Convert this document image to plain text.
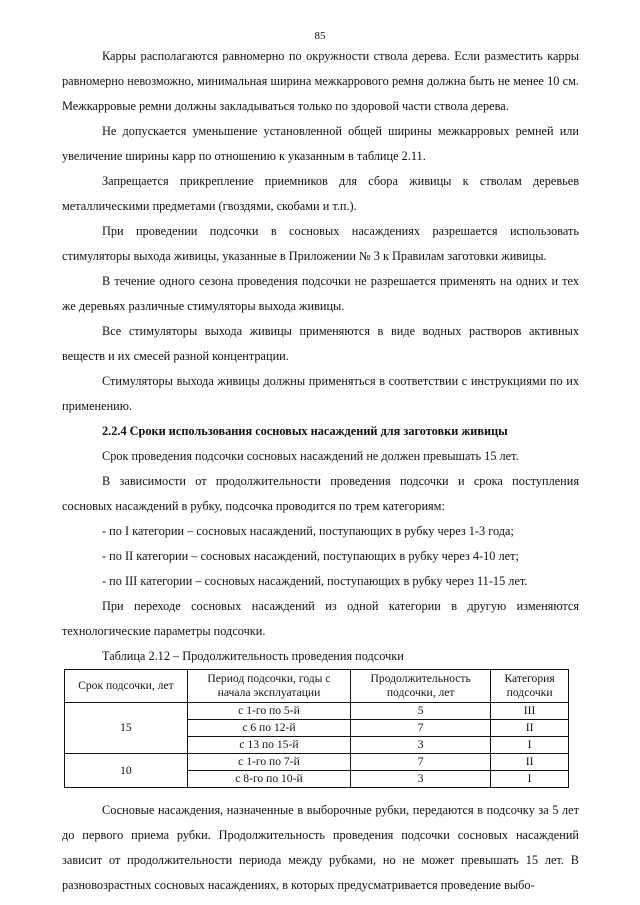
85

Карры располагаются равномерно по окружности ствола дерева. Если разместить карры равномерно невозможно, минимальная ширина межкаррового ремня должна быть не менее 10 см. Межкарровые ремни должны закладываться только по здоровой части ствола дерева.

Не допускается уменьшение установленной общей ширины межкарровых ремней или увеличение ширины карр по отношению к указанным в таблице 2.11.

Запрещается прикрепление приемников для сбора живицы к стволам деревьев металлическими предметами (гвоздями, скобами и т.п.).

При проведении подсочки в сосновых насаждениях разрешается использовать стимуляторы выхода живицы, указанные в Приложении № 3 к Правилам заготовки живицы.

В течение одного сезона проведения подсочки не разрешается применять на одних и тех же деревьях различные стимуляторы выхода живицы.

Все стимуляторы выхода живицы применяются в виде водных растворов активных веществ и их смесей разной концентрации.

Стимуляторы выхода живицы должны применяться в соответствии с инструкциями по их применению.

2.2.4 Сроки использования сосновых насаждений для заготовки живицы

Срок проведения подсочки сосновых насаждений не должен превышать 15 лет.

В зависимости от продолжительности проведения подсочки и срока поступления сосновых насаждений в рубку, подсочка проводится по трем категориям:

- по I категории – сосновых насаждений, поступающих в рубку через 1-3 года;

- по II категории – сосновых насаждений, поступающих в рубку через 4-10 лет;

- по III категории – сосновых насаждений, поступающих в рубку через 11-15 лет.

При переходе сосновых насаждений из одной категории в другую изменяются технологические параметры подсочки.

Таблица 2.12 – Продолжительность проведения подсочки

Срок подсочки, лет	Период подсочки, годы с начала эксплуатации	Продолжительность подсочки, лет	Категория подсочки
15	с 1-го по 5-й	5	III
	с 6 по 12-й	7	II
	с 13 по 15-й	3	I
10	с 1-го по 7-й	7	II
	с 8-го по 10-й	3	I

Сосновые насаждения, назначенные в выборочные рубки, передаются в подсочку за 5 лет до первого приема рубки. Продолжительность проведения подсочки сосновых насаждений зависит от продолжительности периода между рубками, но не может превышать 15 лет. В разновозрастных сосновых насаждениях, в которых предусматривается проведение выбо-
